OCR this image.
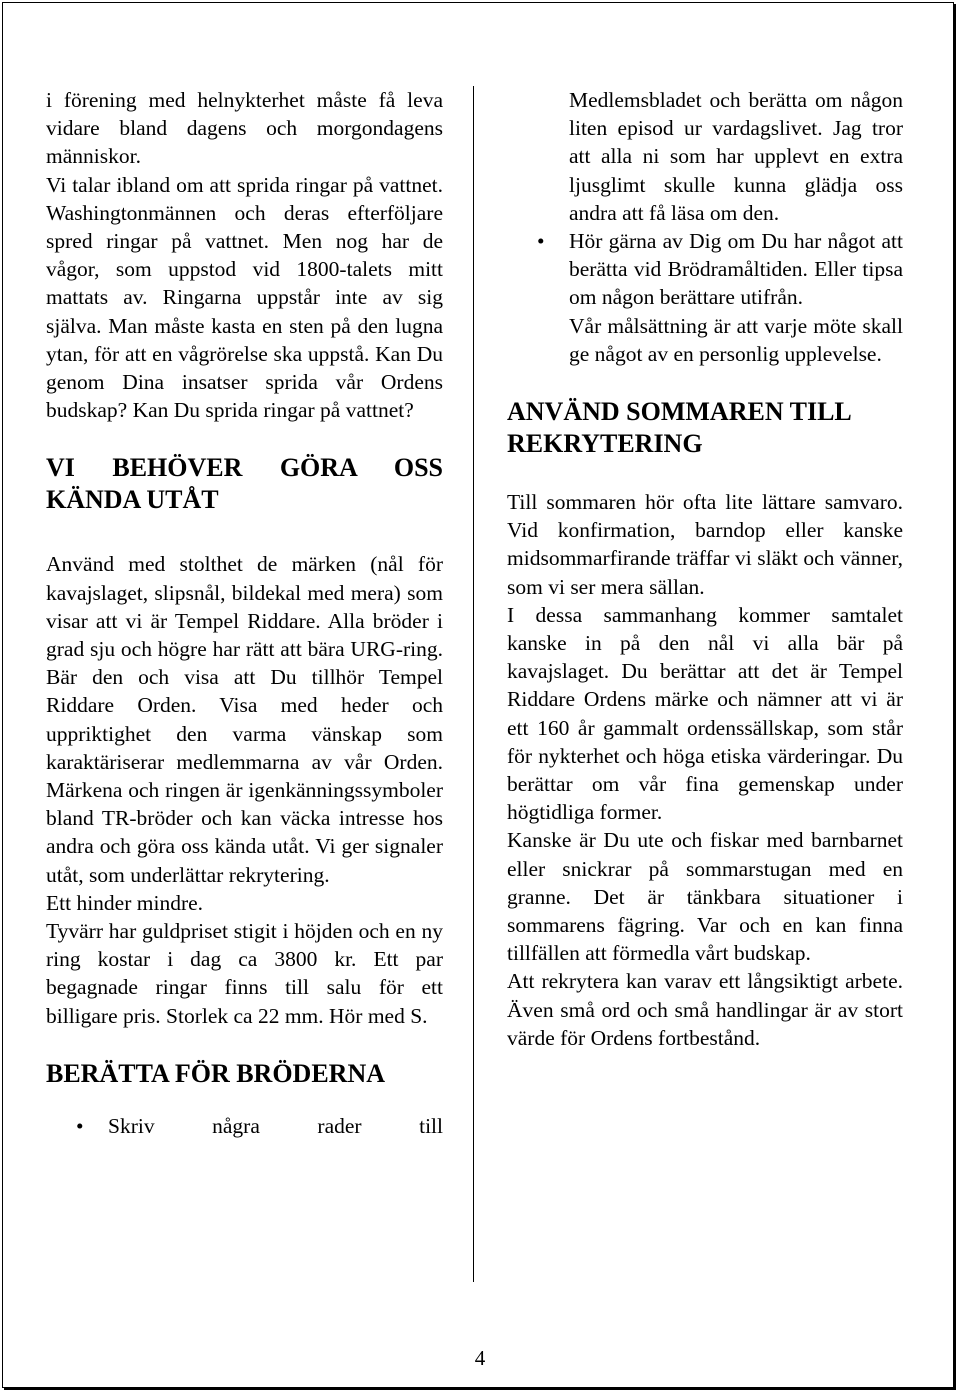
i förening med helnykterhet måste få leva vidare bland dagens och morgondagens människor.

Vi talar ibland om att sprida ringar på vattnet. Washingtonmännen och deras efterföljare spred ringar på vattnet. Men nog har de vågor, som uppstod vid 1800-talets mitt mattats av. Ringarna uppstår inte av sig själva. Man måste kasta en sten på den lugna ytan, för att en vågrörelse ska uppstå. Kan Du genom Dina insatser sprida vår Ordens budskap? Kan Du sprida ringar på vattnet?

VI BEHÖVER GÖRA OSS KÄNDA UTÅT

Använd med stolthet de märken (nål för kavajslaget, slipsnål, bildekal med mera) som visar att vi är Tempel Riddare. Alla bröder i grad sju och högre har rätt att bära URG-ring. Bär den och visa att Du tillhör Tempel Riddare Orden. Visa med heder och uppriktighet den varma vänskap som karaktäriserar medlemmarna av vår Orden. Märkena och ringen är igenkänningssymboler bland TR-bröder och kan väcka intresse hos andra och göra oss kända utåt. Vi ger signaler utåt, som underlättar rekrytering.

Ett hinder mindre.

Tyvärr har guldpriset stigit i höjden och en ny ring kostar i dag ca 3800 kr. Ett par begagnade ringar finns till salu för ett billigare pris. Storlek ca 22 mm. Hör med S.

BERÄTTA FÖR BRÖDERNA
• Skriv några rader till
Medlemsbladet och berätta om någon liten episod ur vardagslivet. Jag tror att alla ni som har upplevt en extra ljusglimt skulle kunna glädja oss andra att få läsa om den.
• Hör gärna av Dig om Du har något att berätta vid Brödramåltiden. Eller tipsa om någon berättare utifrån.

Vår målsättning är att varje möte skall ge något av en personlig upplevelse.

ANVÄND SOMMAREN TILL REKRYTERING

Till sommaren hör ofta lite lättare samvaro. Vid konfirmation, barndop eller kanske midsommarfirande träffar vi släkt och vänner, som vi ser mera sällan.

I dessa sammanhang kommer samtalet kanske in på den nål vi alla bär på kavajslaget. Du berättar att det är Tempel Riddare Ordens märke och nämner att vi är ett 160 år gammalt ordenssällskap, som står för nykterhet och höga etiska värderingar. Du berättar om vår fina gemenskap under högtidliga former.

Kanske är Du ute och fiskar med barnbarnet eller snickrar på sommarstugan med en granne. Det är tänkbara situationer i sommarens fägring. Var och en kan finna tillfällen att förmedla vårt budskap.

Att rekrytera kan varav ett långsiktigt arbete. Även små ord och små handlingar är av stort värde för Ordens fortbestånd.

4
